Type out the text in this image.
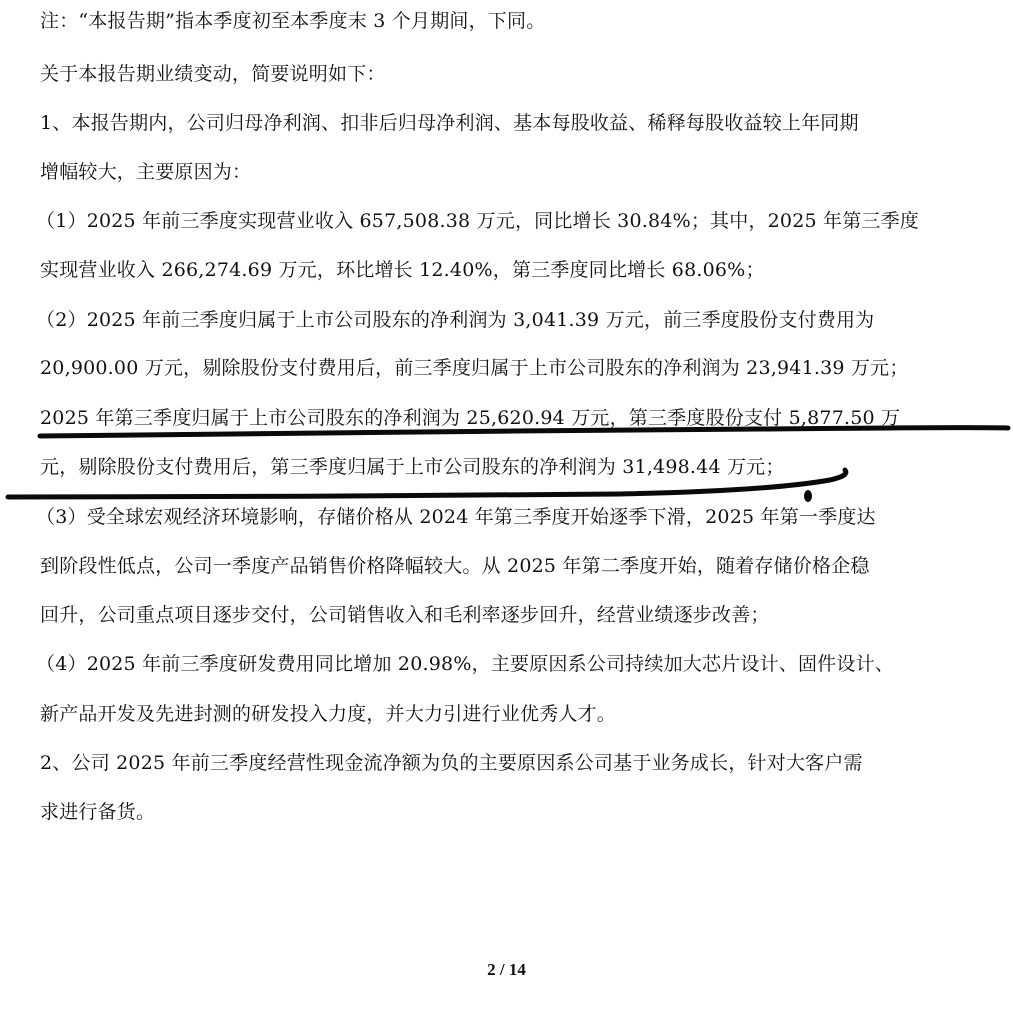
注：“本报告期”指本季度初至本季度末 3 个月期间，下同。
关于本报告期业绩变动，简要说明如下：
1、本报告期内，公司归母净利润、扣非后归母净利润、基本每股收益、稀释每股收益较上年同期
增幅较大，主要原因为：
（1）2025 年前三季度实现营业收入 657,508.38 万元，同比增长 30.84%；其中，2025 年第三季度
实现营业收入 266,274.69 万元，环比增长 12.40%，第三季度同比增长 68.06%；
（2）2025 年前三季度归属于上市公司股东的净利润为 3,041.39 万元，前三季度股份支付费用为
20,900.00 万元，剔除股份支付费用后，前三季度归属于上市公司股东的净利润为 23,941.39 万元；
2025 年第三季度归属于上市公司股东的净利润为 25,620.94 万元，第三季度股份支付 5,877.50 万
元，剔除股份支付费用后，第三季度归属于上市公司股东的净利润为 31,498.44 万元；
（3）受全球宏观经济环境影响，存储价格从 2024 年第三季度开始逐季下滑，2025 年第一季度达
到阶段性低点，公司一季度产品销售价格降幅较大。从 2025 年第二季度开始，随着存储价格企稳
回升，公司重点项目逐步交付，公司销售收入和毛利率逐步回升，经营业绩逐步改善；
（4）2025 年前三季度研发费用同比增加 20.98%，主要原因系公司持续加大芯片设计、固件设计、
新产品开发及先进封测的研发投入力度，并大力引进行业优秀人才。
2、公司 2025 年前三季度经营性现金流净额为负的主要原因系公司基于业务成长，针对大客户需
求进行备货。
2 / 14
